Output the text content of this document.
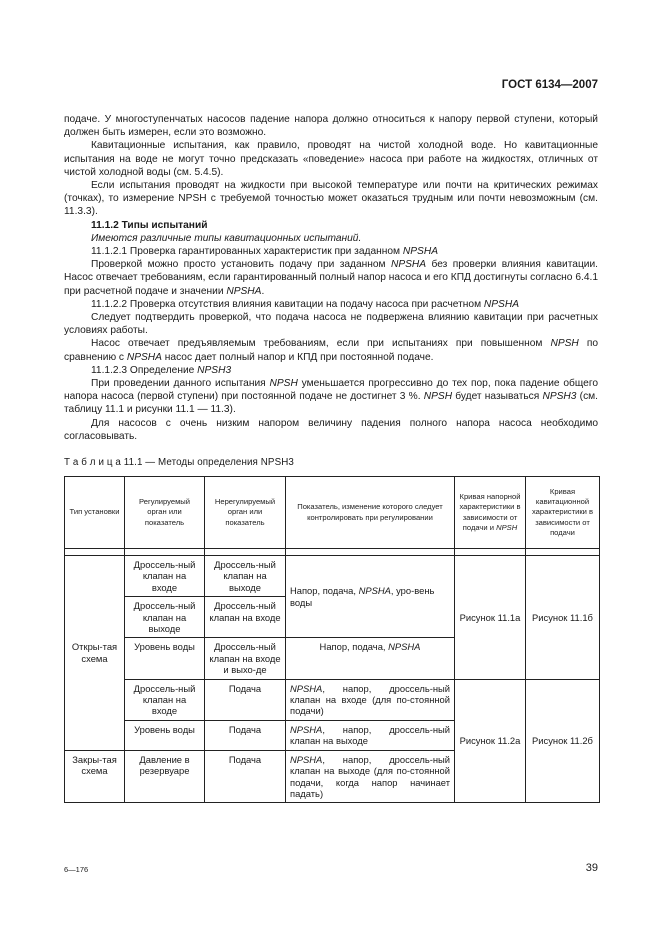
ГОСТ 6134—2007

подаче. У многоступенчатых насосов падение напора должно относиться к напору первой ступени, который должен быть измерен, если это возможно.

Кавитационные испытания, как правило, проводят на чистой холодной воде. Но кавитационные испытания на воде не могут точно предсказать «поведение» насоса при работе на жидкостях, отличных от чистой холодной воды (см. 5.4.5).

Если испытания проводят на жидкости при высокой температуре или почти на критических режимах (точках), то измерение NPSH с требуемой точностью может оказаться трудным или почти невозможным (см. 11.3.3).

11.1.2 Типы испытаний

Имеются различные типы кавитационных испытаний.

11.1.2.1 Проверка гарантированных характеристик при заданном NPSHA

Проверкой можно просто установить подачу при заданном NPSHA без проверки влияния кавитации. Насос отвечает требованиям, если гарантированный полный напор насоса и его КПД достигнуты согласно 6.4.1 при расчетной подаче и значении NPSHA.

11.1.2.2 Проверка отсутствия влияния кавитации на подачу насоса при расчетном NPSHA

Следует подтвердить проверкой, что подача насоса не подвержена влиянию кавитации при расчетных условиях работы.

Насос отвечает предъявляемым требованиям, если при испытаниях при повышенном NPSH по сравнению с NPSHA насос дает полный напор и КПД при постоянной подаче.

11.1.2.3 Определение NPSH3

При проведении данного испытания NPSH уменьшается прогрессивно до тех пор, пока падение общего напора насоса (первой ступени) при постоянной подаче не достигнет 3 %. NPSH будет называться NPSH3 (см. таблицу 11.1 и рисунки 11.1 — 11.3).

Для насосов с очень низким напором величину падения полного напора насоса необходимо согласовывать.

Т а б л и ц а 11.1 — Методы определения NPSH3
Тип установки	Регулируемый орган или показатель	Нерегулируемый орган или показатель	Показатель, изменение которого следует контролировать при регулировании	Кривая напорной характеристики в зависимости от подачи и NPSH	Кривая кавитационной характеристики в зависимости от подачи

Откры-тая схема	Дроссель-ный клапан на входе	Дроссель-ный клапан на выходе	Напор, подача, NPSHA, уро-вень воды	Рисунок 11.1а	Рисунок 11.1б
	Дроссель-ный клапан на выходе	Дроссель-ный клапан на входе			
	Уровень воды	Дроссель-ный клапан на входе и выхо-де	Напор, подача, NPSHA		
	Дроссель-ный клапан на входе	Подача	NPSHA, напор, дроссель-ный клапан на входе (для по-стоянной подачи)	Рисунок 11.2а	Рисунок 11.2б
	Уровень воды	Подача	NPSHA, напор, дроссель-ный клапан на выходе		
Закры-тая схема	Давление в резервуаре	Подача	NPSHA, напор, дроссель-ный клапан на выходе (для по-стоянной подачи, когда напор начинает падать)		
6—176	39
